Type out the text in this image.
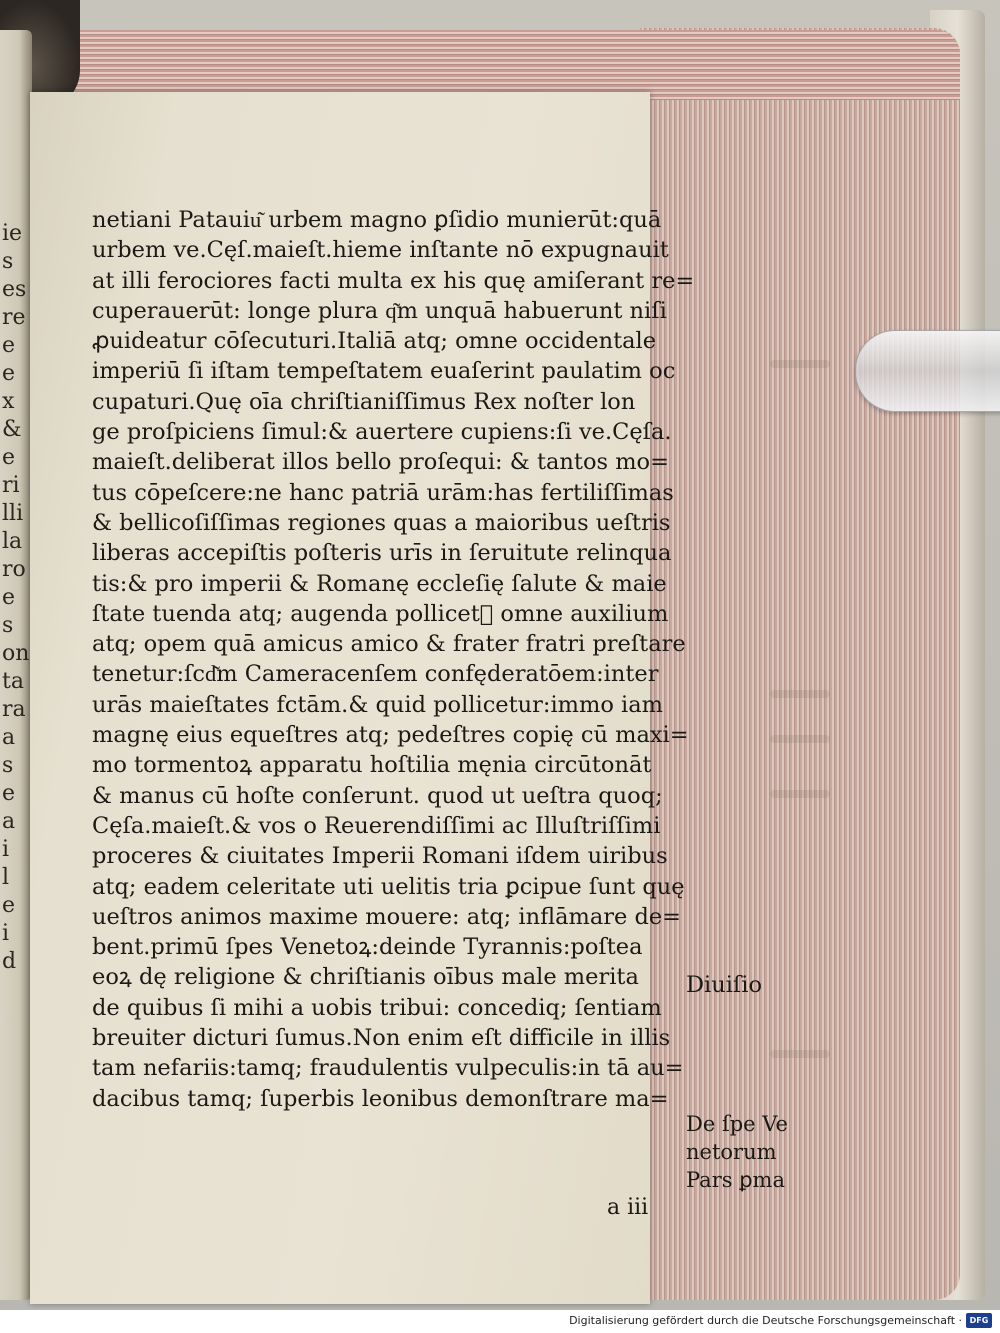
ie
s
es
re
e
e
x
&
e
ri
lli
la
ro
e
s
on
ta
ra
a
s
e
a
i
l
e
i
d
netiani Patauiu͂ urbem magno ꝑſidio munierūt:quā
urbem ve.Cęſ.maieſt.hieme inſtante nō expugnauit
at illi ferociores facti multa ex his quę amiſerant re=
cuperauerūt: longe plura q͂m unquā habuerunt niſi
ꝓuideatur cōſecuturi.Italiā atq; omne occidentale
imperiū ſi iſtam tempeſtatem euaſerint paulatim oc
cupaturi.Quę oīa chriſtianiſſimus Rex noſter lon
ge proſpiciens ſimul:& auertere cupiens:ſi ve.Cęſa.
maieſt.deliberat illos bello proſequi: & tantos mo=
tus cōpeſcere:ne hanc patriā urām:has fertiliſſimas
& bellicoſiſſimas regiones quas a maioribus ueſtris
liberas accepiſtis poſteris urīs in ſeruitute relinqua
tis:& pro imperii & Romanę eccleſię ſalute & maie
ſtate tuenda atq; augenda pollicet᷑ omne auxilium
atq; opem quā amicus amico & frater fratri preſtare
tenetur:ſcd͂m Cameracenſem confęderatōem:inter
urās maieſtates fctām.& quid pollicetur:immo iam
magnę eius equeſtres atq; pedeſtres copię cū maxi=
mo tormentoꝝ apparatu hoſtilia męnia circūtonāt
& manus cū hoſte conſerunt. quod ut ueſtra quoq;
Cęſa.maieſt.& vos o Reuerendiſſimi ac Illuſtriſſimi
proceres & ciuitates Imperii Romani iſdem uiribus
atq; eadem celeritate uti uelitis tria ꝑcipue ſunt quę
ueſtros animos maxime mouere: atq; inflāmare de=
bent.primū ſpes Venetoꝝ:deinde Tyrannis:poſtea
eoꝝ dę religione & chriſtianis oībus male merita
de quibus ſi mihi a uobis tribui: concediq; ſentiam
breuiter dicturi ſumus.Non enim eſt difficile in illis
tam nefariis:tamq; fraudulentis vulpeculis:in tā au=
dacibus tamq; ſuperbis leonibus demonſtrare ma=
Diuiſio
De ſpe Ve
netorum
Pars ꝑma
a iii
Digitalisierung gefördert durch die Deutsche Forschungsgemeinschaft · DFG
